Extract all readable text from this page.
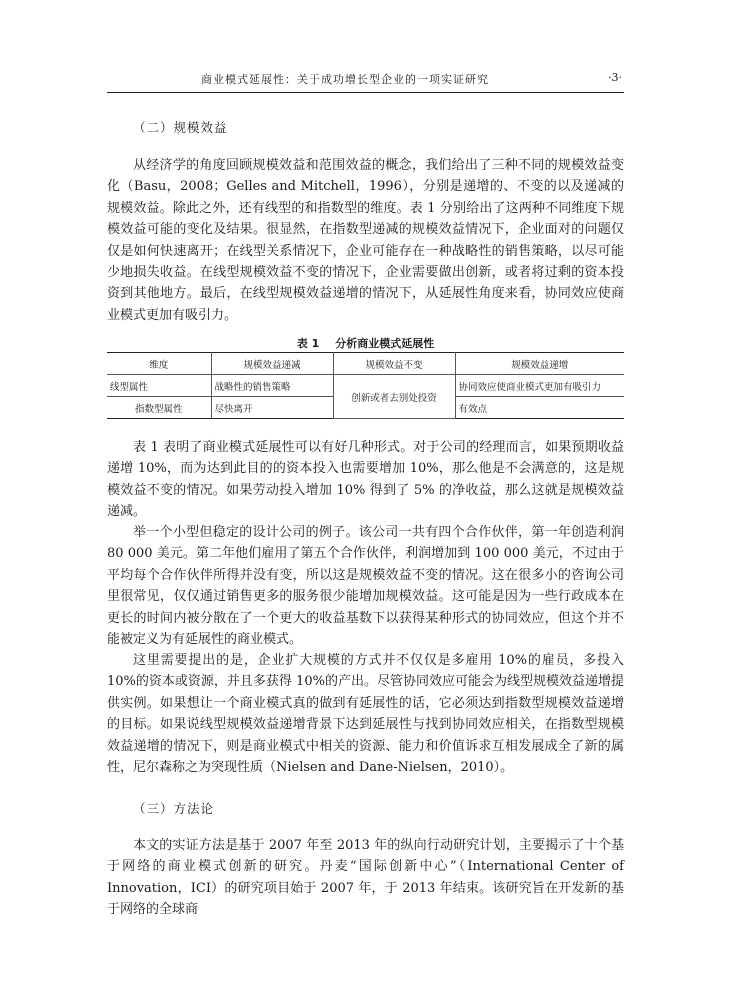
商业模式延展性：关于成功增长型企业的一项实证研究	·3·
（二）规模效益
从经济学的角度回顾规模效益和范围效益的概念，我们给出了三种不同的规模效益变化（Basu，2008；Gelles and Mitchell，1996），分别是递增的、不变的以及递减的规模效益。除此之外，还有线型的和指数型的维度。表 1 分别给出了这两种不同维度下规模效益可能的变化及结果。很显然，在指数型递减的规模效益情况下，企业面对的问题仅仅是如何快速离开；在线型关系情况下，企业可能存在一种战略性的销售策略，以尽可能少地损失收益。在线型规模效益不变的情况下，企业需要做出创新，或者将过剩的资本投资到其他地方。最后，在线型规模效益递增的情况下，从延展性角度来看，协同效应使商业模式更加有吸引力。
表 1 分析商业模式延展性
维度	规模效益递减	规模效益不变	规模效益递增
线型属性	战略性的销售策略	创新或者去别处投资	协同效应使商业模式更加有吸引力
指数型属性	尽快离开		有效点
表 1 表明了商业模式延展性可以有好几种形式。对于公司的经理而言，如果预期收益递增 10%，而为达到此目的的资本投入也需要增加 10%，那么他是不会满意的，这是规模效益不变的情况。如果劳动投入增加 10% 得到了 5% 的净收益，那么这就是规模效益递减。
举一个小型但稳定的设计公司的例子。该公司一共有四个合作伙伴，第一年创造利润 80 000 美元。第二年他们雇用了第五个合作伙伴，利润增加到 100 000 美元，不过由于平均每个合作伙伴所得并没有变，所以这是规模效益不变的情况。这在很多小的咨询公司里很常见，仅仅通过销售更多的服务很少能增加规模效益。这可能是因为一些行政成本在更长的时间内被分散在了一个更大的收益基数下以获得某种形式的协同效应，但这个并不能被定义为有延展性的商业模式。
这里需要提出的是，企业扩大规模的方式并不仅仅是多雇用 10%的雇员，多投入 10%的资本或资源，并且多获得 10%的产出。尽管协同效应可能会为线型规模效益递增提供实例。如果想让一个商业模式真的做到有延展性的话，它必须达到指数型规模效益递增的目标。如果说线型规模效益递增背景下达到延展性与找到协同效应相关，在指数型规模效益递增的情况下，则是商业模式中相关的资源、能力和价值诉求互相发展成全了新的属性，尼尔森称之为突现性质（Nielsen and Dane-Nielsen，2010）。
（三）方法论
本文的实证方法是基于 2007 年至 2013 年的纵向行动研究计划，主要揭示了十个基于网络的商业模式创新的研究。丹麦“国际创新中心”（International Center of Innovation，ICI）的研究项目始于 2007 年，于 2013 年结束。该研究旨在开发新的基于网络的全球商
